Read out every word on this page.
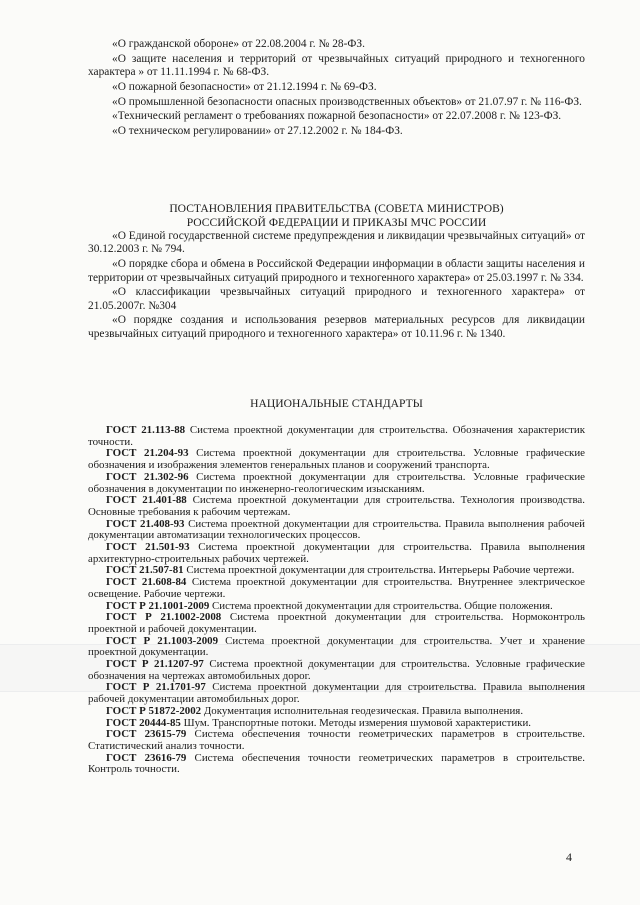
«О гражданской обороне» от 22.08.2004 г. № 28-ФЗ.

«О защите населения и территорий от чрезвычайных ситуаций природного и техногенного характера » от 11.11.1994 г. № 68-ФЗ.

«О пожарной безопасности» от 21.12.1994 г. № 69-ФЗ.

«О промышленной безопасности опасных производственных объектов» от 21.07.97 г. № 116-ФЗ.

«Технический регламент о требованиях пожарной безопасности» от 22.07.2008 г. № 123-ФЗ.

«О техническом регулировании» от 27.12.2002 г. № 184-ФЗ.

ПОСТАНОВЛЕНИЯ ПРАВИТЕЛЬСТВА (СОВЕТА МИНИСТРОВ)
РОССИЙСКОЙ ФЕДЕРАЦИИ И ПРИКАЗЫ МЧС РОССИИ

«О Единой государственной системе предупреждения и ликвидации чрезвычайных ситуаций» от 30.12.2003 г. № 794.

«О порядке сбора и обмена в Российской Федерации информации в области защиты населения и территории от чрезвычайных ситуаций природного и техногенного характера» от 25.03.1997 г. № 334.

«О классификации чрезвычайных ситуаций природного и техногенного характера» от 21.05.2007г. №304

«О порядке создания и использования резервов материальных ресурсов для ликвидации чрезвычайных ситуаций природного и техногенного характера» от 10.11.96 г. № 1340.

НАЦИОНАЛЬНЫЕ СТАНДАРТЫ

ГОСТ 21.113-88 Система проектной документации для строительства. Обозначения характеристик точности.

ГОСТ 21.204-93 Система проектной документации для строительства. Условные графические обозначения и изображения элементов генеральных планов и сооружений транспорта.

ГОСТ 21.302-96 Система проектной документации для строительства. Условные графические обозначения в документации по инженерно-геологическим изысканиям.

ГОСТ 21.401-88 Система проектной документации для строительства. Технология производства. Основные требования к рабочим чертежам.

ГОСТ 21.408-93 Система проектной документации для строительства. Правила выполнения рабочей документации автоматизации технологических процессов.

ГОСТ 21.501-93 Система проектной документации для строительства. Правила выполнения архитектурно-строительных рабочих чертежей.

ГОСТ 21.507-81 Система проектной документации для строительства. Интерьеры Рабочие чертежи.

ГОСТ 21.608-84 Система проектной документации для строительства. Внутреннее электрическое освещение. Рабочие чертежи.

ГОСТ Р 21.1001-2009 Система проектной документации для строительства. Общие положения.

ГОСТ Р 21.1002-2008 Система проектной документации для строительства. Нормоконтроль проектной и рабочей документации.

ГОСТ Р 21.1003-2009 Система проектной документации для строительства. Учет и хранение проектной документации.

ГОСТ Р 21.1207-97 Система проектной документации для строительства. Условные графические обозначения на чертежах автомобильных дорог.

ГОСТ Р 21.1701-97 Система проектной документации для строительства. Правила выполнения рабочей документации автомобильных дорог.

ГОСТ Р 51872-2002 Документация исполнительная геодезическая. Правила выполнения.

ГОСТ 20444-85 Шум. Транспортные потоки. Методы измерения шумовой характеристики.

ГОСТ 23615-79 Система обеспечения точности геометрических параметров в строительстве. Статистический анализ точности.

ГОСТ 23616-79 Система обеспечения точности геометрических параметров в строительстве. Контроль точности.

4
